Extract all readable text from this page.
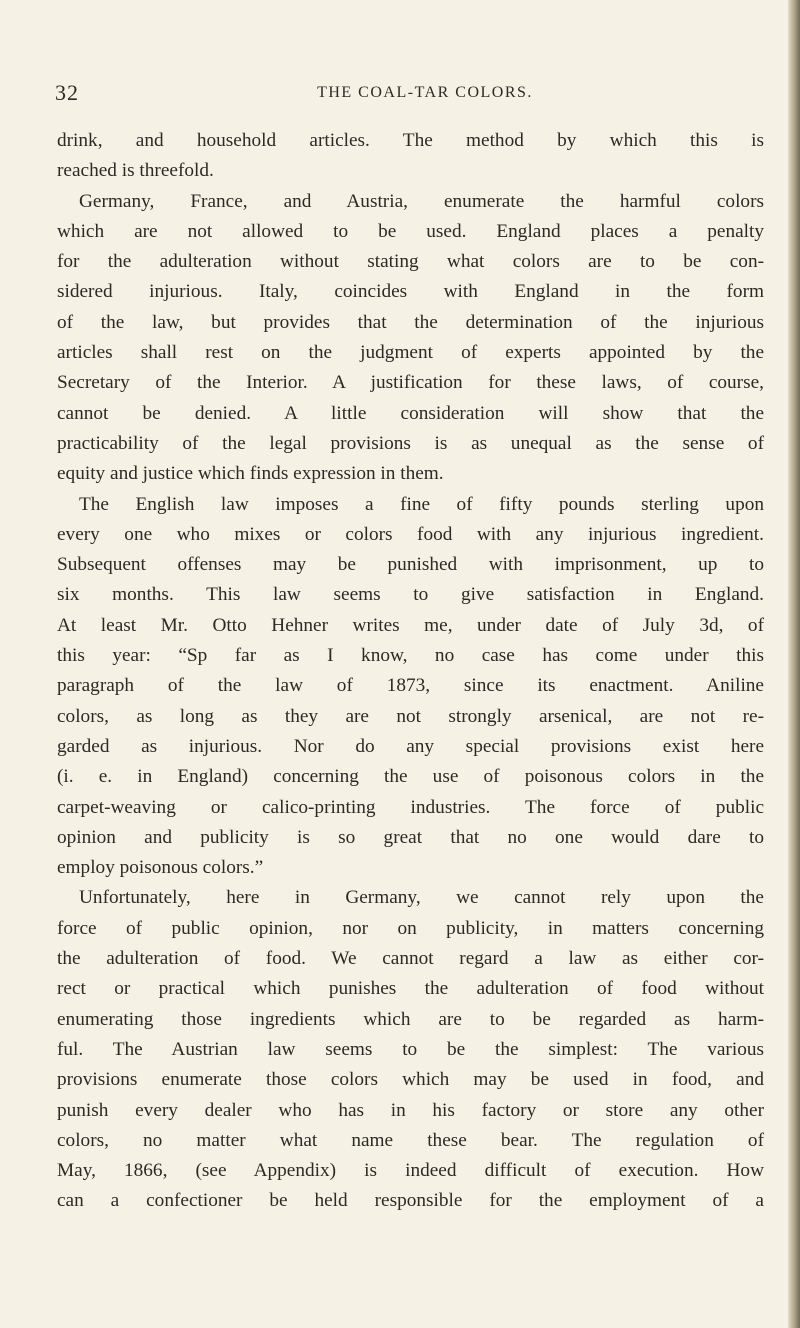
32	THE COAL-TAR COLORS.
drink, and household articles. The method by which this is
reached is threefold.
Germany, France, and Austria, enumerate the harmful colors
which are not allowed to be used. England places a penalty
for the adulteration without stating what colors are to be con-
sidered injurious. Italy, coincides with England in the form
of the law, but provides that the determination of the injurious
articles shall rest on the judgment of experts appointed by the
Secretary of the Interior. A justification for these laws, of course,
cannot be denied. A little consideration will show that the
practicability of the legal provisions is as unequal as the sense of
equity and justice which finds expression in them.
The English law imposes a fine of fifty pounds sterling upon
every one who mixes or colors food with any injurious ingredient.
Subsequent offenses may be punished with imprisonment, up to
six months. This law seems to give satisfaction in England.
At least Mr. Otto Hehner writes me, under date of July 3d, of
this year: “Sp far as I know, no case has come under this
paragraph of the law of 1873, since its enactment. Aniline
colors, as long as they are not strongly arsenical, are not re-
garded as injurious. Nor do any special provisions exist here
(i. e. in England) concerning the use of poisonous colors in the
carpet-weaving or calico-printing industries. The force of public
opinion and publicity is so great that no one would dare to
employ poisonous colors.”
Unfortunately, here in Germany, we cannot rely upon the
force of public opinion, nor on publicity, in matters concerning
the adulteration of food. We cannot regard a law as either cor-
rect or practical which punishes the adulteration of food without
enumerating those ingredients which are to be regarded as harm-
ful. The Austrian law seems to be the simplest: The various
provisions enumerate those colors which may be used in food, and
punish every dealer who has in his factory or store any other
colors, no matter what name these bear. The regulation of
May, 1866, (see Appendix) is indeed difficult of execution. How
can a confectioner be held responsible for the employment of a
